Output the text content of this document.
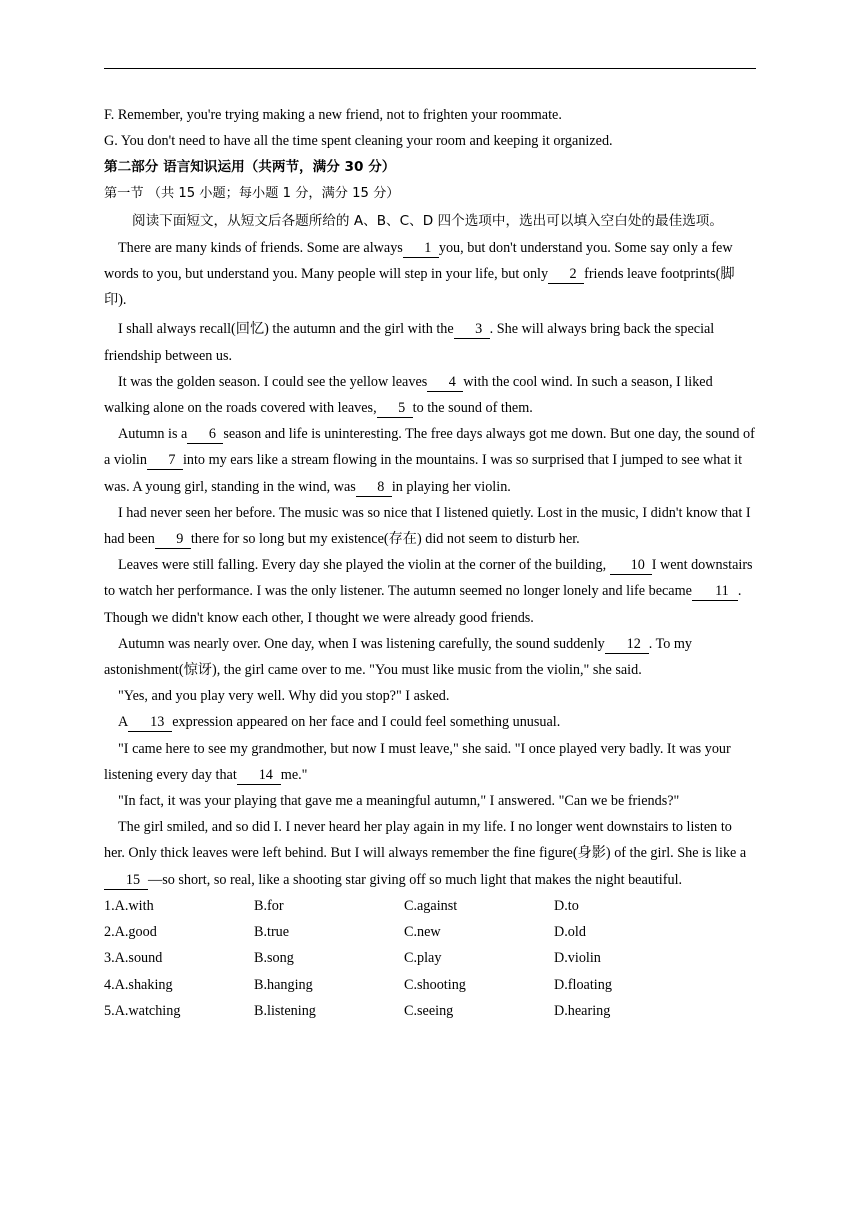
F. Remember, you're trying making a new friend, not to frighten your roommate.

G. You don't need to have all the time spent cleaning your room and keeping it organized.

第二部分 语言知识运用（共两节，满分 30 分）

第一节 （共 15 小题；每小题 1 分，满分 15 分）

阅读下面短文，从短文后各题所给的 A、B、C、D 四个选项中，选出可以填入空白处的最佳选项。

There are many kinds of friends. Some are always 1 you, but don't understand you. Some say only a few words to you, but understand you. Many people will step in your life, but only 2 friends leave footprints(脚印).

I shall always recall(回忆) the autumn and the girl with the 3 . She will always bring back the special friendship between us.

It was the golden season. I could see the yellow leaves 4 with the cool wind. In such a season, I liked walking alone on the roads covered with leaves, 5 to the sound of them.

Autumn is a 6 season and life is uninteresting. The free days always got me down. But one day, the sound of a violin 7 into my ears like a stream flowing in the mountains. I was so surprised that I jumped to see what it was. A young girl, standing in the wind, was 8 in playing her violin.

I had never seen her before. The music was so nice that I listened quietly. Lost in the music, I didn't know that I had been 9 there for so long but my existence(存在) did not seem to disturb her.

Leaves were still falling. Every day she played the violin at the corner of the building, 10 I went downstairs to watch her performance. I was the only listener. The autumn seemed no longer lonely and life became 11 . Though we didn't know each other, I thought we were already good friends.

Autumn was nearly over. One day, when I was listening carefully, the sound suddenly 12 . To my astonishment(惊讶), the girl came over to me. "You must like music from the violin," she said.

"Yes, and you play very well. Why did you stop?" I asked.

A 13 expression appeared on her face and I could feel something unusual.

"I came here to see my grandmother, but now I must leave," she said. "I once played very badly. It was your listening every day that 14 me."

"In fact, it was your playing that gave me a meaningful autumn," I answered. "Can we be friends?"

The girl smiled, and so did I. I never heard her play again in my life. I no longer went downstairs to listen to her. Only thick leaves were left behind. But I will always remember the fine figure(身影) of the girl. She is like a15 —so short, so real, like a shooting star giving off so much light that makes the night beautiful.

1.A.with	B.for	C.against	D.to
2.A.good	B.true	C.new	D.old
3.A.sound	B.song	C.play	D.violin
4.A.shaking	B.hanging	C.shooting	D.floating
5.A.watching	B.listening	C.seeing	D.hearing
